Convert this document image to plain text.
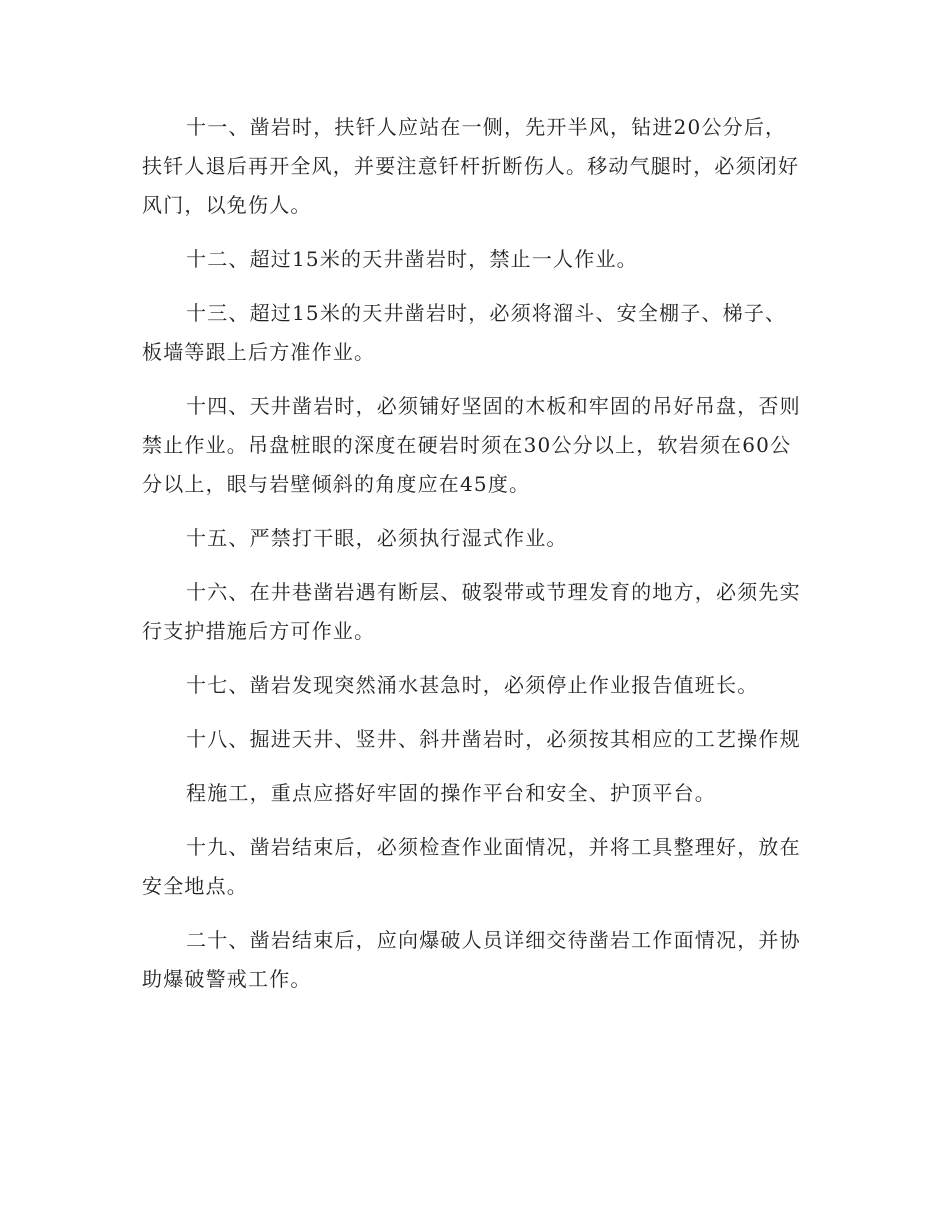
十一、凿岩时，扶钎人应站在一侧，先开半风，钻进20公分后，扶钎人退后再开全风，并要注意钎杆折断伤人。移动气腿时，必须闭好风门，以免伤人。

十二、超过15米的天井凿岩时，禁止一人作业。

十三、超过15米的天井凿岩时，必须将溜斗、安全棚子、梯子、板墙等跟上后方准作业。

十四、天井凿岩时，必须铺好坚固的木板和牢固的吊好吊盘，否则禁止作业。吊盘桩眼的深度在硬岩时须在30公分以上，软岩须在60公分以上，眼与岩壁倾斜的角度应在45度。

十五、严禁打干眼，必须执行湿式作业。

十六、在井巷凿岩遇有断层、破裂带或节理发育的地方，必须先实行支护措施后方可作业。

十七、凿岩发现突然涌水甚急时，必须停止作业报告值班长。

十八、掘进天井、竖井、斜井凿岩时，必须按其相应的工艺操作规

程施工，重点应搭好牢固的操作平台和安全、护顶平台。

十九、凿岩结束后，必须检查作业面情况，并将工具整理好，放在安全地点。

二十、凿岩结束后，应向爆破人员详细交待凿岩工作面情况，并协助爆破警戒工作。
